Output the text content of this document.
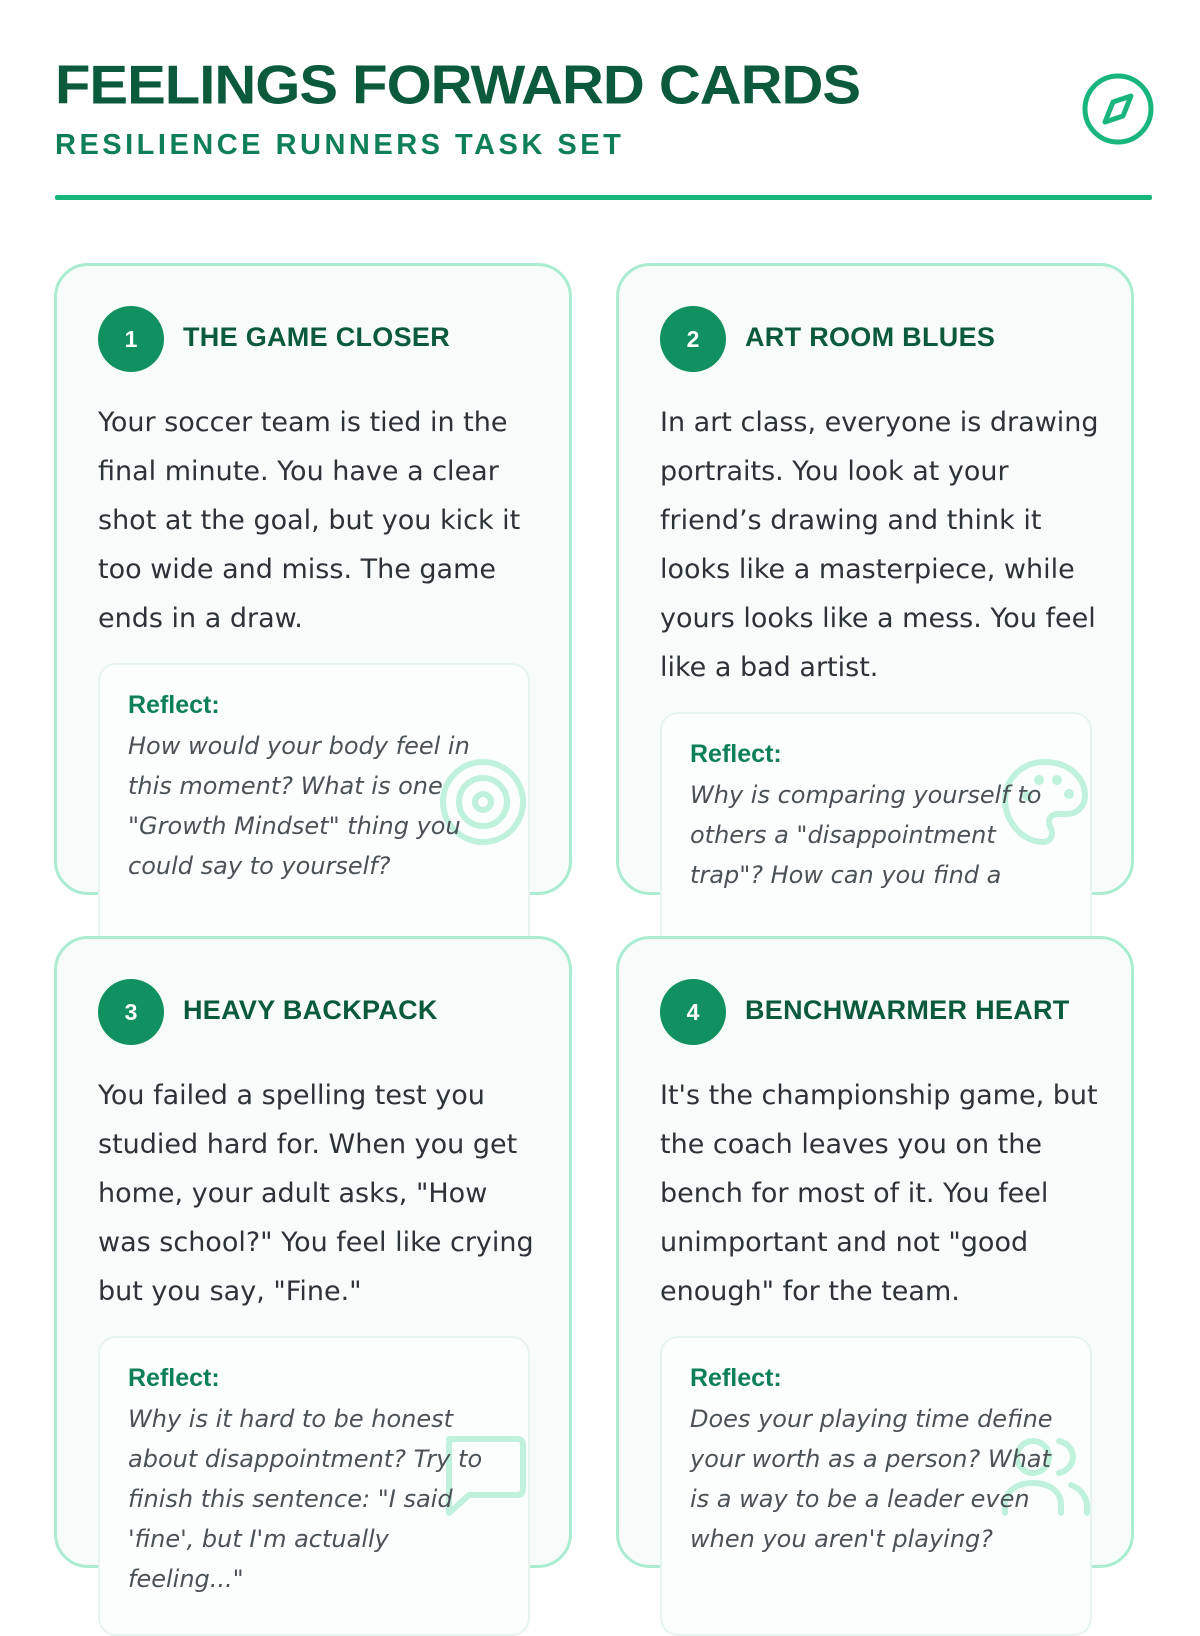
FEELINGS FORWARD CARDS
RESILIENCE RUNNERS TASK SET
1	THE GAME CLOSER

Your soccer team is tied in the final minute. You have a clear shot at the goal, but you kick it too wide and miss. The game ends in a draw.

Reflect:

How would your body feel in this moment? What is one "Growth Mindset" thing you could say to yourself?

2	ART ROOM BLUES

In art class, everyone is drawing portraits. You look at your friend’s drawing and think it looks like a masterpiece, while yours looks like a mess. You feel like a bad artist.

Reflect:

Why is comparing yourself to others a "disappointment trap"? How can you find a

3	HEAVY BACKPACK

You failed a spelling test you studied hard for. When you get home, your adult asks, "How was school?" You feel like crying but you say, "Fine."

Reflect:

Why is it hard to be honest about disappointment? Try to finish this sentence: "I said 'fine', but I'm actually feeling..."

4	BENCHWARMER HEART

It's the championship game, but the coach leaves you on the bench for most of it. You feel unimportant and not "good enough" for the team.

Reflect:

Does your playing time define your worth as a person? What is a way to be a leader even when you aren't playing?
